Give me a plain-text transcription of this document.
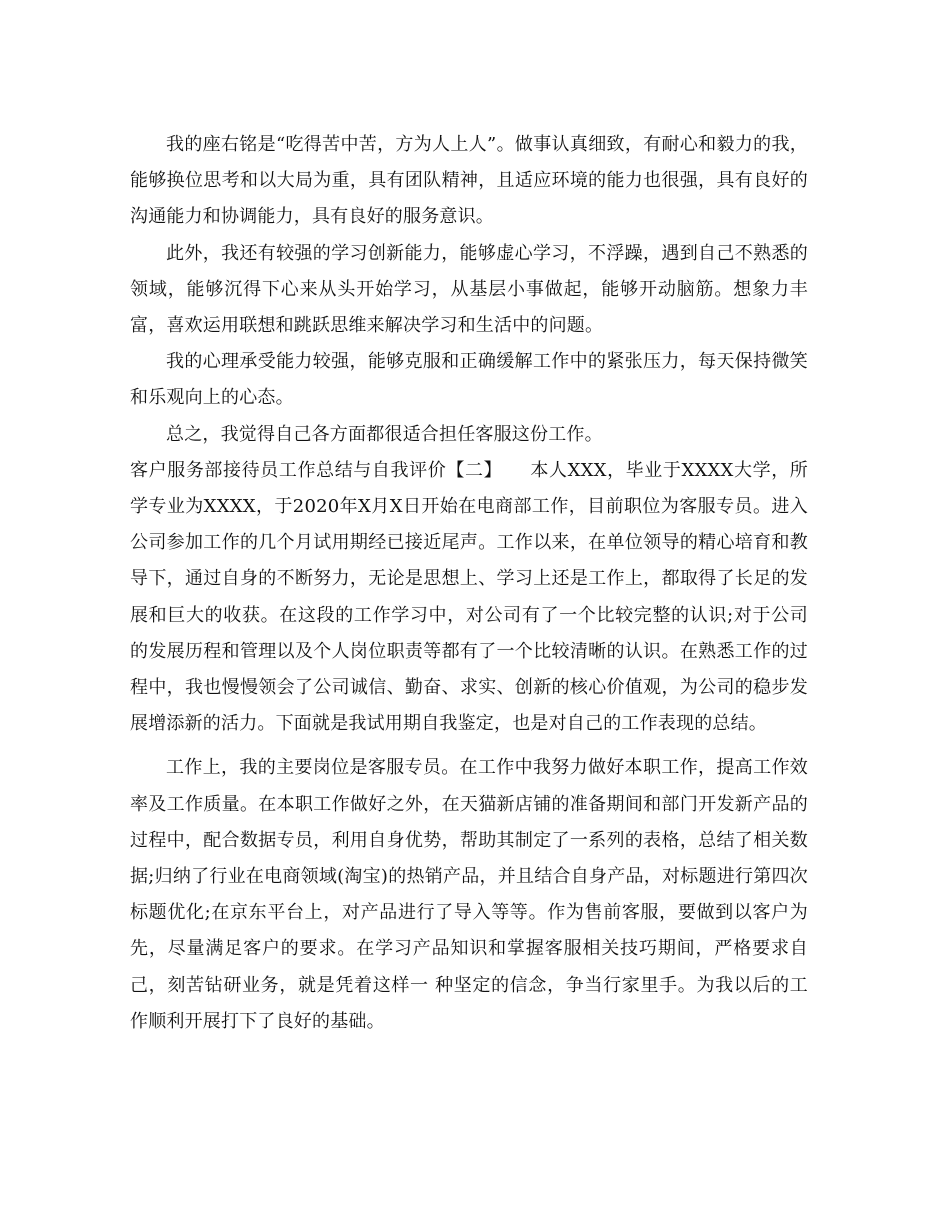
我的座右铭是“吃得苦中苦，方为人上人”。做事认真细致，有耐心和毅力的我，能够换位思考和以大局为重，具有团队精神，且适应环境的能力也很强，具有良好的沟通能力和协调能力，具有良好的服务意识。

此外，我还有较强的学习创新能力，能够虚心学习，不浮躁，遇到自己不熟悉的领域，能够沉得下心来从头开始学习，从基层小事做起，能够开动脑筋。想象力丰富，喜欢运用联想和跳跃思维来解决学习和生活中的问题。

我的心理承受能力较强，能够克服和正确缓解工作中的紧张压力，每天保持微笑和乐观向上的心态。

总之，我觉得自己各方面都很适合担任客服这份工作。

客户服务部接待员工作总结与自我评价【二】　　本人XXX，毕业于XXXX大学，所学专业为XXXX，于2020年X月X日开始在电商部工作，目前职位为客服专员。进入公司参加工作的几个月试用期经已接近尾声。工作以来，在单位领导的精心培育和教导下，通过自身的不断努力，无论是思想上、学习上还是工作上，都取得了长足的发展和巨大的收获。在这段的工作学习中，对公司有了一个比较完整的认识;对于公司的发展历程和管理以及个人岗位职责等都有了一个比较清晰的认识。在熟悉工作的过程中，我也慢慢领会了公司诚信、勤奋、求实、创新的核心价值观，为公司的稳步发展增添新的活力。下面就是我试用期自我鉴定，也是对自己的工作表现的总结。

工作上，我的主要岗位是客服专员。在工作中我努力做好本职工作，提高工作效率及工作质量。在本职工作做好之外，在天猫新店铺的准备期间和部门开发新产品的过程中，配合数据专员，利用自身优势，帮助其制定了一系列的表格，总结了相关数据;归纳了行业在电商领域(淘宝)的热销产品，并且结合自身产品，对标题进行第四次标题优化;在京东平台上，对产品进行了导入等等。作为售前客服，要做到以客户为先，尽量满足客户的要求。在学习产品知识和掌握客服相关技巧期间，严格要求自己，刻苦钻研业务，就是凭着这样一 种坚定的信念，争当行家里手。为我以后的工作顺利开展打下了良好的基础。
